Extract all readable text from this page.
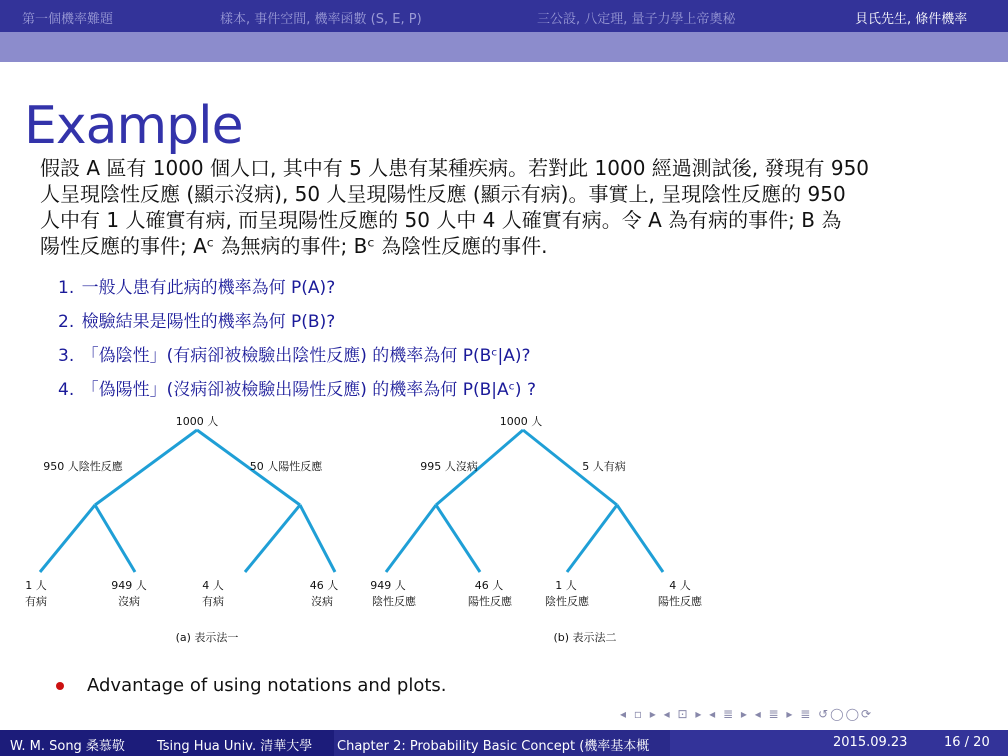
第一個機率難題	樣本, 事件空間, 機率函數 (S, E, P)	三公設, 八定理, 量子力學上帝奧秘	貝氏先生, 條件機率
Example
假設 A 區有 1000 個人口, 其中有 5 人患有某種疾病。若對此 1000 經過測試後, 發現有 950
人呈現陰性反應 (顯示沒病), 50 人呈現陽性反應 (顯示有病)。事實上, 呈現陰性反應的 950
人中有 1 人確實有病, 而呈現陽性反應的 50 人中 4 人確實有病。令 A 為有病的事件; B 為
陽性反應的事件; Aᶜ 為無病的事件; Bᶜ 為陰性反應的事件.
1. 一般人患有此病的機率為何 P(A)?
2. 檢驗結果是陽性的機率為何 P(B)?
3. 「偽陰性」(有病卻被檢驗出陰性反應) 的機率為何 P(Bᶜ|A)?
4. 「偽陽性」(沒病卻被檢驗出陽性反應) 的機率為何 P(B|Aᶜ) ?
1000 人
950 人陰性反應	50 人陽性反應
1 人
有病
949 人
沒病
4 人
有病
46 人
沒病
(a) 表示法一
1000 人
995 人沒病	5 人有病
949 人
陰性反應
46 人
陽性反應
1 人
陰性反應
4 人
陽性反應
(b) 表示法二
Advantage of using notations and plots.
◂ ▫ ▸ ◂ ⊡ ▸ ◂ ≣ ▸ ◂ ≣ ▸ ≣ ↺◯◯⟳
W. M. Song 桑慕敬 Tsing Hua Univ. 清華大學 Chapter 2: Probability Basic Concept (機率基本概	2015.09.23	16 / 20
